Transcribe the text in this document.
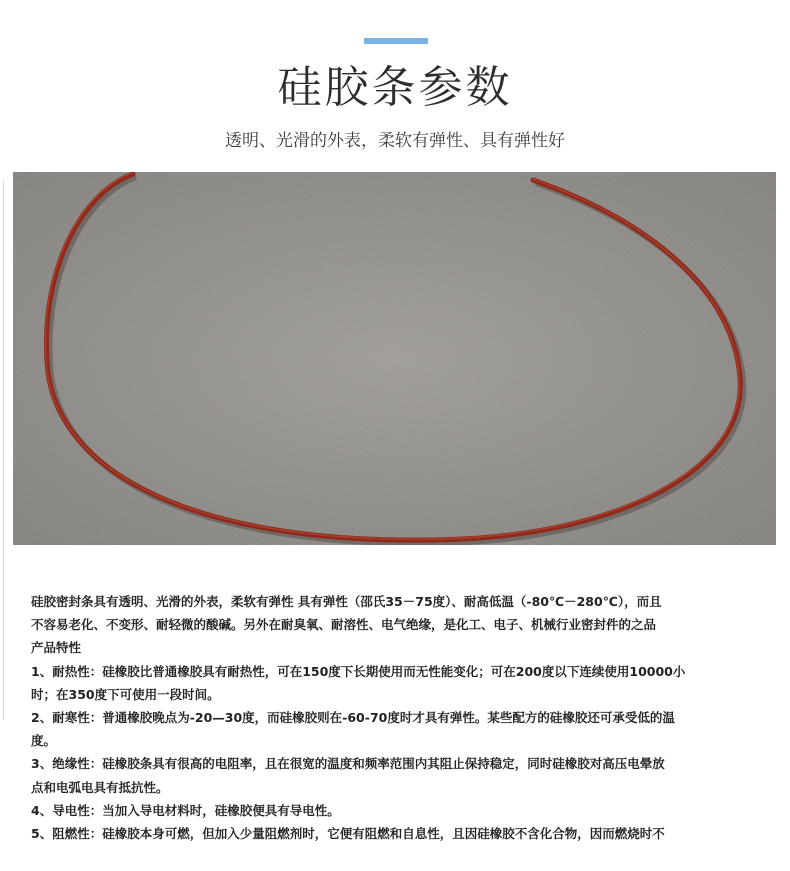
硅胶条参数
透明、光滑的外表，柔软有弹性、具有弹性好

硅胶密封条具有透明、光滑的外表，柔软有弹性 具有弹性（邵氏35－75度）、耐高低温（-80℃－280℃），而且

不容易老化、不变形、耐轻微的酸碱。另外在耐臭氧、耐溶性、电气绝缘，是化工、电子、机械行业密封件的之品

产品特性

1、耐热性：硅橡胶比普通橡胶具有耐热性，可在150度下长期使用而无性能变化；可在200度以下连续使用10000小

时；在350度下可使用一段时间。

2、耐寒性：普通橡胶晚点为-20—30度，而硅橡胶则在-60-70度时才具有弹性。某些配方的硅橡胶还可承受低的温

度。

3、绝缘性：硅橡胶条具有很高的电阻率，且在很宽的温度和频率范围内其阻止保持稳定，同时硅橡胶对高压电晕放

点和电弧电具有抵抗性。

4、导电性：当加入导电材料时，硅橡胶便具有导电性。

5、阻燃性：硅橡胶本身可燃，但加入少量阻燃剂时，它便有阻燃和自息性，且因硅橡胶不含化合物，因而燃烧时不
